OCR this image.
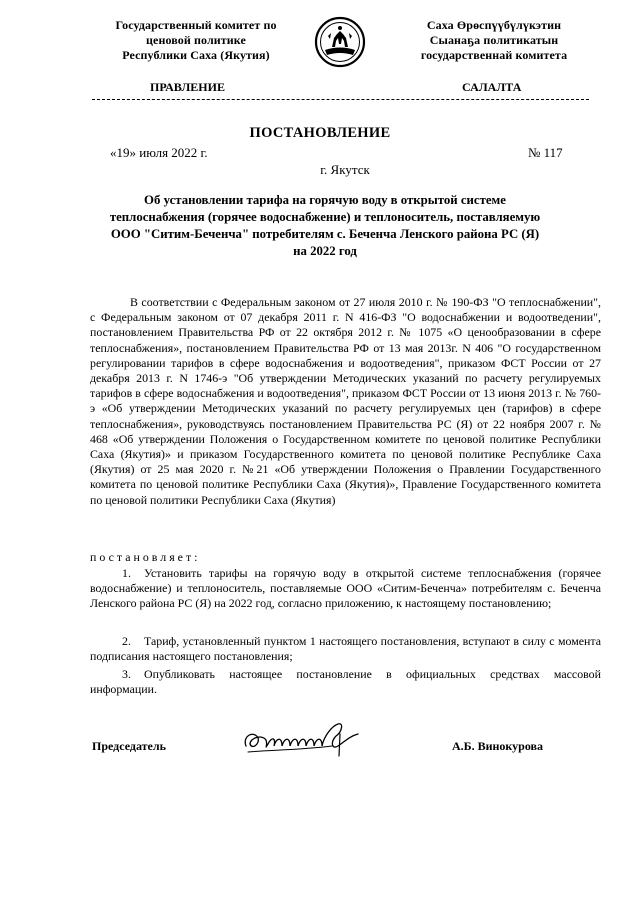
Государственный комитет по
ценовой политике
Республики Саха (Якутия)
Саха Өрөспүүбүлүкэтин
Сыанаҕа политикатын
государственнай комитета
ПРАВЛЕНИЕ	САЛАЛТА
ПОСТАНОВЛЕНИЕ
«19» июля 2022 г.	№ 117
г. Якутск
Об установлении тарифа на горячую воду в открытой системе
теплоснабжения (горячее водоснабжение) и теплоноситель, поставляемую
ООО "Ситим-Беченча" потребителям с. Беченча Ленского района РС (Я)
на 2022 год

В соответствии с Федеральным законом от 27 июля 2010 г. № 190-ФЗ "О теплоснабжении", с Федеральным законом от 07 декабря 2011 г. N 416-ФЗ "О водоснабжении и водоотведении", постановлением Правительства РФ от 22 октября 2012 г. № 1075 «О ценообразовании в сфере теплоснабжения», постановлением Правительства РФ от 13 мая 2013г. N 406 "О государственном регулировании тарифов в сфере водоснабжения и водоотведения", приказом ФСТ России от 27 декабря 2013 г. N 1746-э "Об утверждении Методических указаний по расчету регулируемых тарифов в сфере водоснабжения и водоотведения", приказом ФСТ России от 13 июня 2013 г. № 760-э «Об утверждении Методических указаний по расчету регулируемых цен (тарифов) в сфере теплоснабжения», руководствуясь постановлением Правительства РС (Я) от 22 ноября 2007 г. № 468 «Об утверждении Положения о Государственном комитете по ценовой политике Республики Саха (Якутия)» и приказом Государственного комитета по ценовой политике Республике Саха (Якутия) от 25 мая 2020 г. №21 «Об утверждении Положения о Правлении Государственного комитета по ценовой политике Республики Саха (Якутия)», Правление Государственного комитета по ценовой политики Республики Саха (Якутия)

постановляет:

1. Установить тарифы на горячую воду в открытой системе теплоснабжения (горячее водоснабжение) и теплоноситель, поставляемые ООО «Ситим-Беченча» потребителям с. Беченча Ленского района РС (Я) на 2022 год, согласно приложению, к настоящему постановлению;

2. Тариф, установленный пунктом 1 настоящего постановления, вступают в силу с момента подписания настоящего постановления;

3. Опубликовать настоящее постановление в официальных средствах массовой информации.

Председатель	А.Б. Винокурова
